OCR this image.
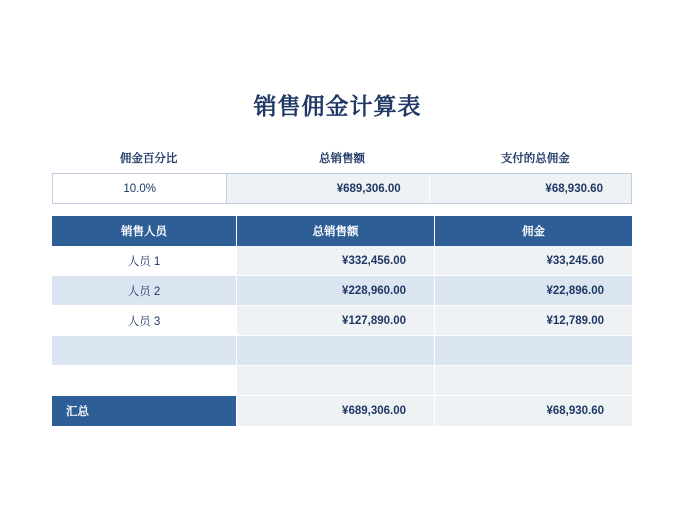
销售佣金计算表
佣金百分比	总销售额	支付的总佣金
10.0%	¥689,306.00	¥68,930.60
销售人员	总销售额	佣金
人员 1	¥332,456.00	¥33,245.60
人员 2	¥228,960.00	¥22,896.00
人员 3	¥127,890.00	¥12,789.00
汇总	¥689,306.00	¥68,930.60
